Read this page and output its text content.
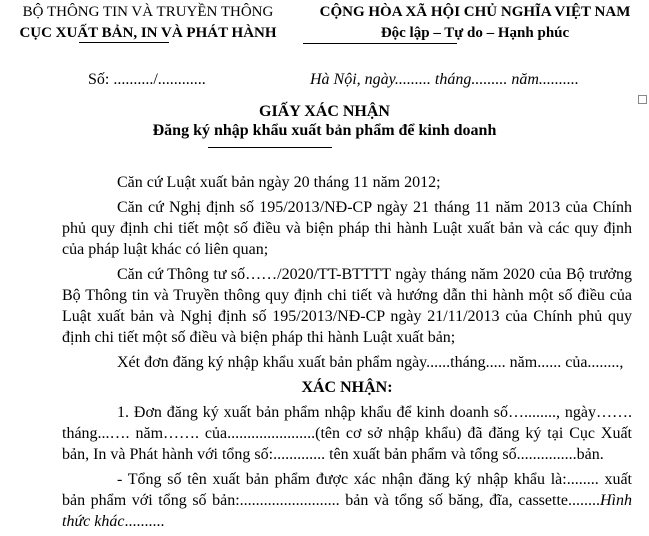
BỘ THÔNG TIN VÀ TRUYỀN THÔNG
CỤC XUẤT BẢN, IN VÀ PHÁT HÀNH
CỘNG HÒA XÃ HỘI CHỦ NGHĨA VIỆT NAM
Độc lập – Tự do – Hạnh phúc
Số: ........../............	Hà Nội, ngày......... tháng......... năm..........
GIẤY XÁC NHẬN
Đăng ký nhập khẩu xuất bản phẩm để kinh doanh

Căn cứ Luật xuất bản ngày 20 tháng 11 năm 2012;

Căn cứ Nghị định số 195/2013/NĐ-CP ngày 21 tháng 11 năm 2013 của Chính phủ quy định chi tiết một số điều và biện pháp thi hành Luật xuất bản và các quy định của pháp luật khác có liên quan;

Căn cứ Thông tư số……/2020/TT-BTTTT ngày tháng năm 2020 của Bộ trưởng Bộ Thông tin và Truyền thông quy định chi tiết và hướng dẫn thi hành một số điều của Luật xuất bản và Nghị định số 195/2013/NĐ-CP ngày 21/11/2013 của Chính phủ quy định chi tiết một số điều và biện pháp thi hành Luật xuất bản;

Xét đơn đăng ký nhập khẩu xuất bản phẩm ngày......tháng..... năm...... của........,

XÁC NHẬN:

1. Đơn đăng ký xuất bản phẩm nhập khẩu để kinh doanh số…........, ngày……. tháng...…. năm……. của......................(tên cơ sở nhập khẩu) đã đăng ký tại Cục Xuất bản, In và Phát hành với tổng số:............. tên xuất bản phẩm và tổng số...............bản.

- Tổng số tên xuất bản phẩm được xác nhận đăng ký nhập khẩu là:........ xuất bản phẩm với tổng số bản:......................... bản và tổng số băng, đĩa, cassette........Hình thức khác..........
